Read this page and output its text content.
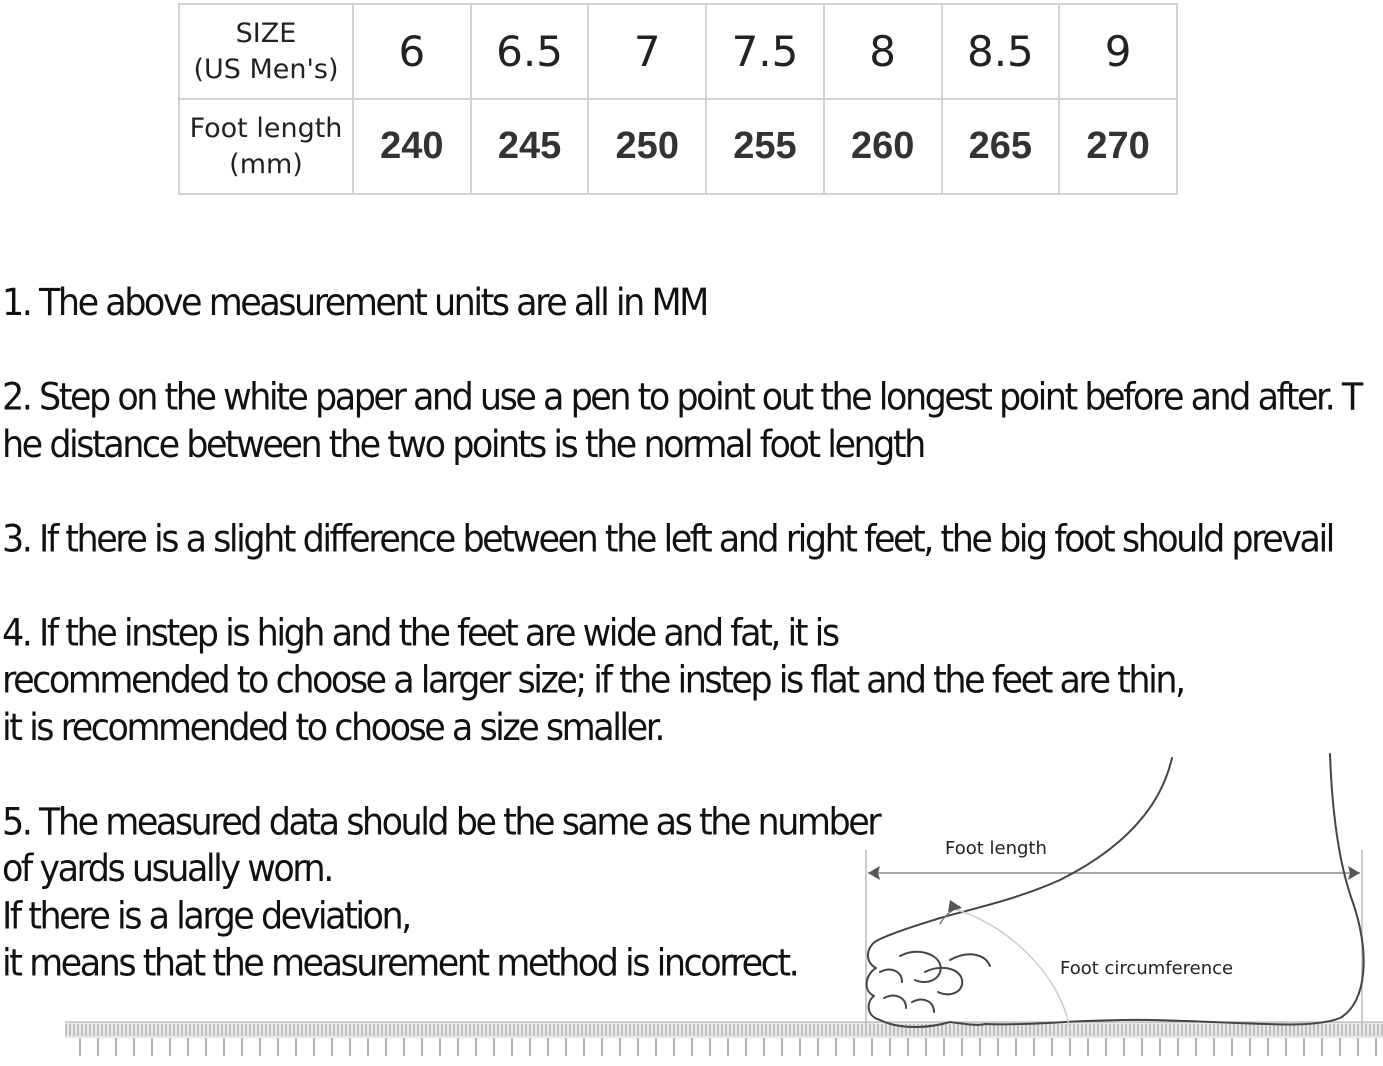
SIZE
(US Men's)	6	6.5	7	7.5	8	8.5	9

Foot length
(mm)	240	245	250	255	260	265	270

1. The above measurement units are all in MM

2. Step on the white paper and use a pen to point out the longest point before and after. T
he distance between the two points is the normal foot length

3. If there is a slight difference between the left and right feet, the big foot should prevail

4. If the instep is high and the feet are wide and fat, it is
recommended to choose a larger size; if the instep is flat and the feet are thin,
it is recommended to choose a size smaller.

5. The measured data should be the same as the number
of yards usually worn.
If there is a large deviation,
it means that the measurement method is incorrect.

Foot length
Foot circumference
